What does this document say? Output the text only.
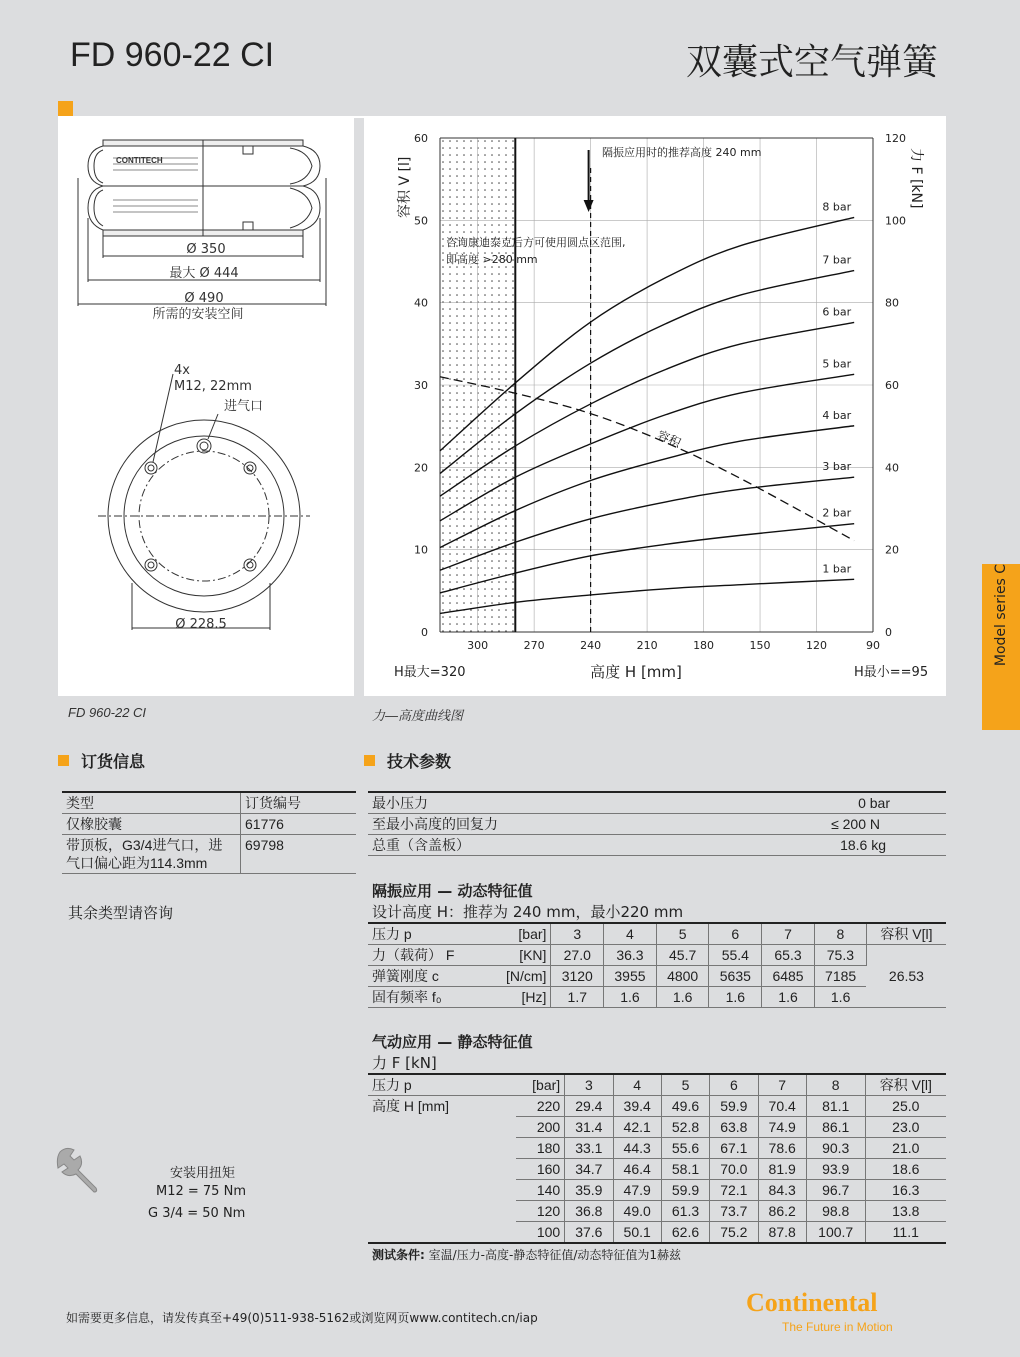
FD 960-22 CI	双囊式空气弹簧
CONTITECH
Ø 350
最大 Ø 444
Ø 490
所需的安装空间
4x
M12, 22mm
进气口
Ø 228.5
FD 960-22 CI
0
10
20
30
40
50
60
0
20
40
60
80
100
120
300	270	240	210	180	150	120	90
容积 V [l]	力 F [kN]
高度 H [mm]
H最大=320	H最小==95
隔振应用时的推荐高度 240 mm
咨询康迪泰克后方可使用圆点区范围,
即高度 >280 mm
1 bar
2 bar
3 bar
4 bar
5 bar
6 bar
7 bar
8 bar
容积
力—高度曲线图
订货信息
类型	订货编号
仅橡胶囊	61776

带顶板，G3/4进气口，进
气口偏心距为114.3mm	69798
其余类型请咨询
技术参数
最小压力	0 bar
至最小高度的回复力	≤ 200 N
总重（含盖板）	18.6 kg
隔振应用 — 动态特征值
设计高度 H：推荐为 240 mm，最小220 mm
压力 p	[bar]	3	4	5	6	7	8	容积 V[l]
力（载荷） F	[KN]	27.0	36.3	45.7	55.4	65.3	75.3	26.53
弹簧刚度 c	[N/cm]	3120	3955	4800	5635	6485	7185	
固有频率 f₀	[Hz]	1.7	1.6	1.6	1.6	1.6	1.6	
气动应用 — 静态特征值
力 F [kN]
压力 p	[bar]	3	4	5	6	7	8	容积 V[l]
高度 H [mm]	220	29.4	39.4	49.6	59.9	70.4	81.1	25.0
	200	31.4	42.1	52.8	63.8	74.9	86.1	23.0
	180	33.1	44.3	55.6	67.1	78.6	90.3	21.0
	160	34.7	46.4	58.1	70.0	81.9	93.9	18.6
	140	35.9	47.9	59.9	72.1	84.3	96.7	16.3
	120	36.8	49.0	61.3	73.7	86.2	98.8	13.8
	100	37.6	50.1	62.6	75.2	87.8	100.7	11.1
测试条件: 室温/压力-高度-静态特征值/动态特征值为1赫兹
安装用扭矩
M12 = 75 Nm
G 3/4 = 50 Nm
如需要更多信息，请发传真至+49(0)511-938-5162或浏览网页www.contitech.cn/iap
Continental
The Future in Motion
Model series C
